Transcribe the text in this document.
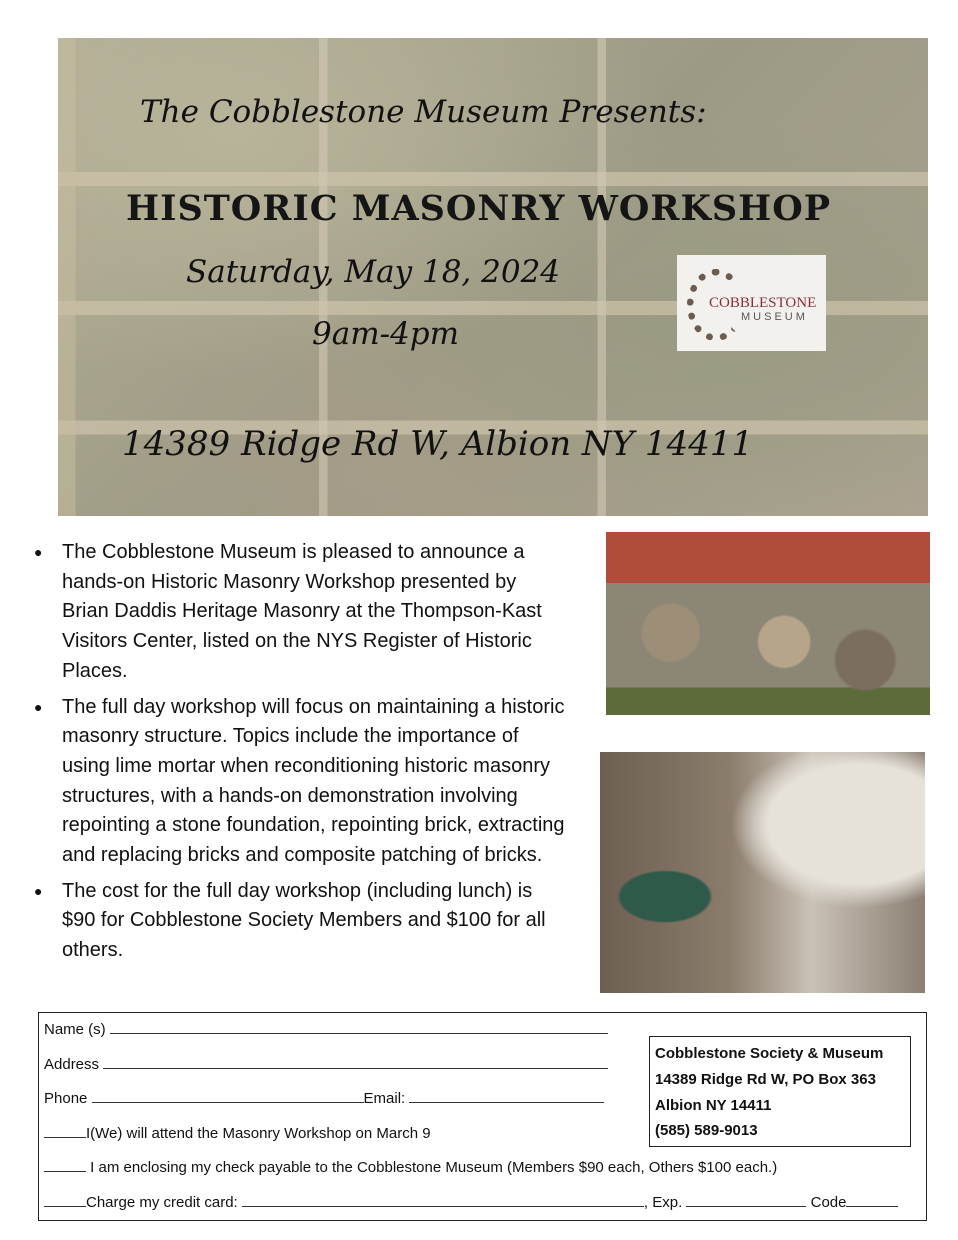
The Cobblestone Museum Presents:
HISTORIC MASONRY WORKSHOP
Saturday, May 18, 2024
9am-4pm
14389 Ridge Rd W, Albion NY 14411
COBBLESTONE
MUSEUM
● The Cobblestone Museum is pleased to announce a hands-on Historic Masonry Workshop presented by Brian Daddis Heritage Masonry at the Thompson-Kast Visitors Center, listed on the NYS Register of Historic Places.
● The full day workshop will focus on maintaining a historic masonry structure. Topics include the importance of using lime mortar when reconditioning historic masonry structures, with a hands-on demonstration involving repointing a stone foundation, repointing brick, extracting and replacing bricks and composite patching of bricks.
● The cost for the full day workshop (including lunch) is $90 for Cobblestone Society Members and $100 for all others.
Name (s)
Address
Phone	Email:
I(We) will attend the Masonry Workshop on March 9
I am enclosing my check payable to the Cobblestone Museum (Members $90 each, Others $100 each.)
Charge my credit card:	, Exp.	Code
Cobblestone Society & Museum
14389 Ridge Rd W, PO Box 363
Albion NY 14411
(585) 589-9013
